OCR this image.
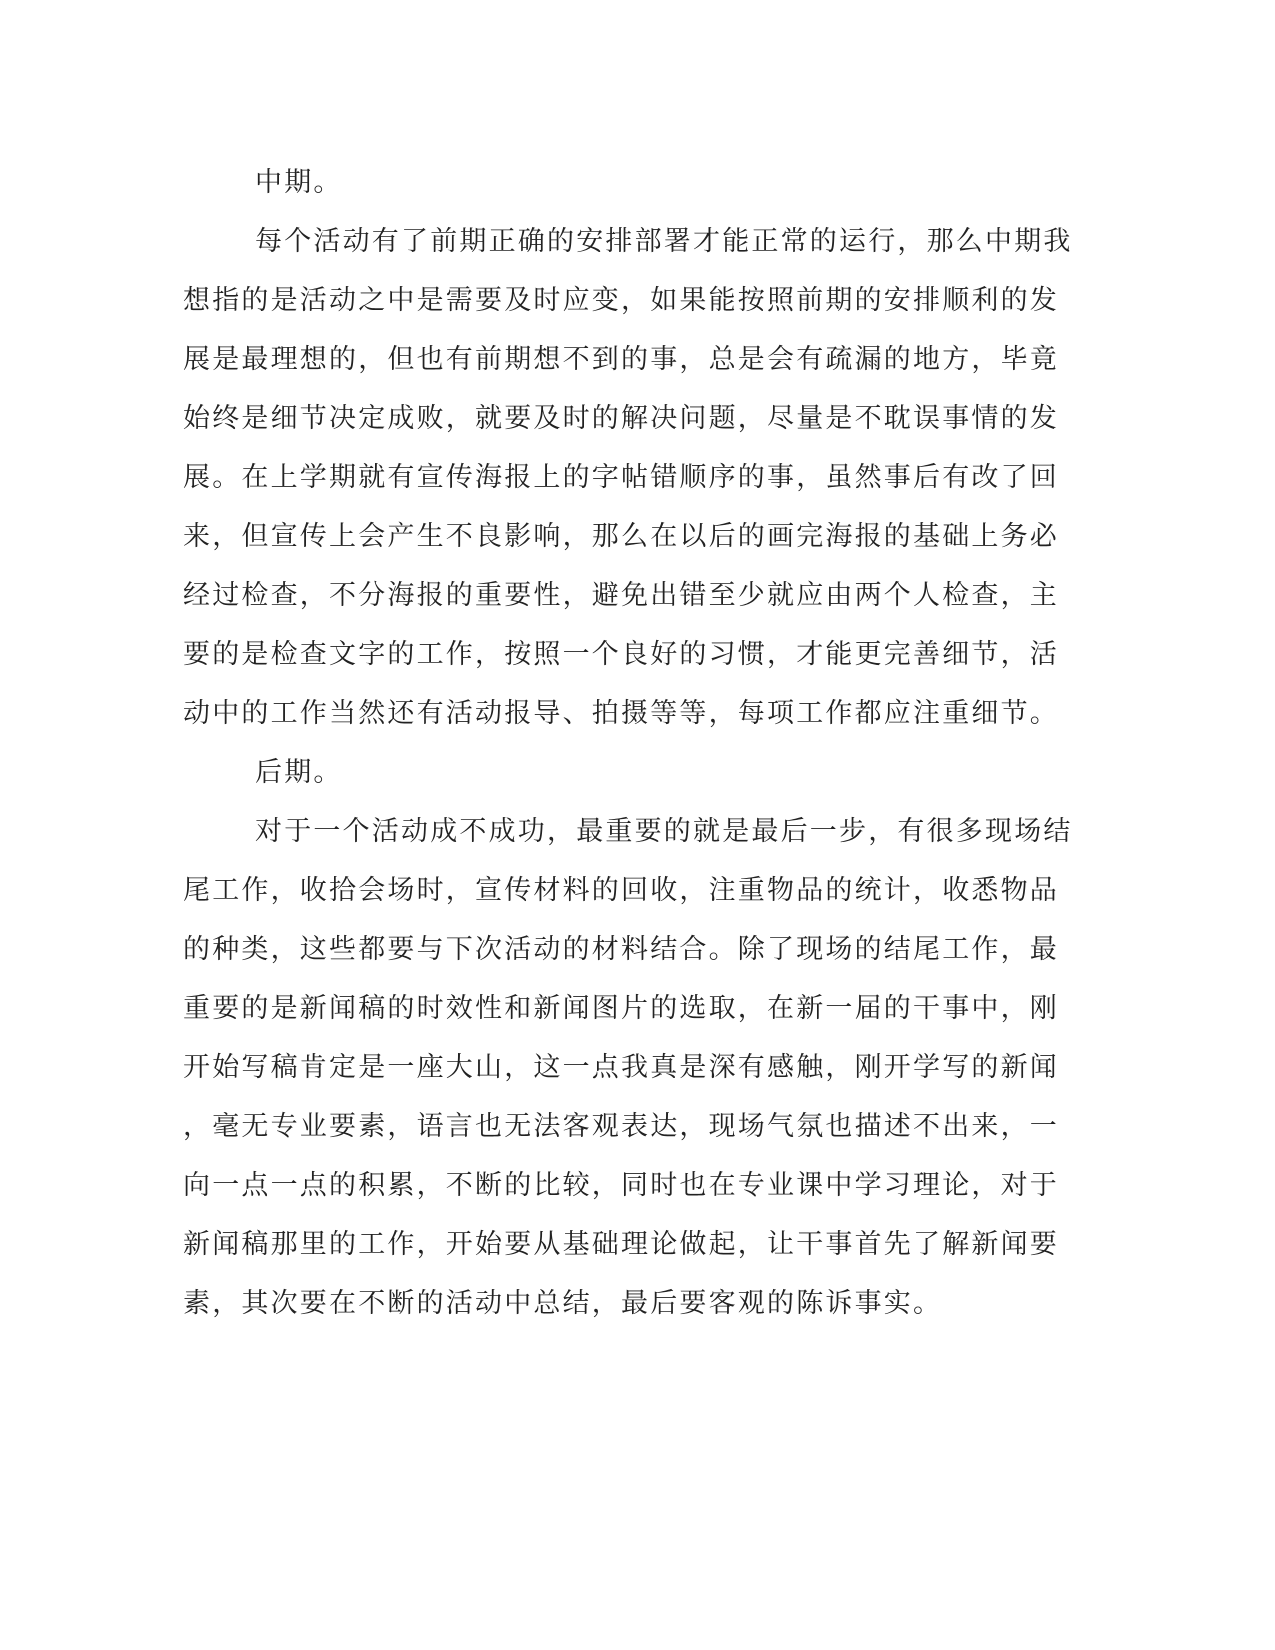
中期。
每个活动有了前期正确的安排部署才能正常的运行，那么中期我
想指的是活动之中是需要及时应变，如果能按照前期的安排顺利的发
展是最理想的，但也有前期想不到的事，总是会有疏漏的地方，毕竟
始终是细节决定成败，就要及时的解决问题，尽量是不耽误事情的发
展。在上学期就有宣传海报上的字帖错顺序的事，虽然事后有改了回
来，但宣传上会产生不良影响，那么在以后的画完海报的基础上务必
经过检查，不分海报的重要性，避免出错至少就应由两个人检查，主
要的是检查文字的工作，按照一个良好的习惯，才能更完善细节，活
动中的工作当然还有活动报导、拍摄等等，每项工作都应注重细节。
后期。
对于一个活动成不成功，最重要的就是最后一步，有很多现场结
尾工作，收拾会场时，宣传材料的回收，注重物品的统计，收悉物品
的种类，这些都要与下次活动的材料结合。除了现场的结尾工作，最
重要的是新闻稿的时效性和新闻图片的选取，在新一届的干事中，刚
开始写稿肯定是一座大山，这一点我真是深有感触，刚开学写的新闻
，毫无专业要素，语言也无法客观表达，现场气氛也描述不出来，一
向一点一点的积累，不断的比较，同时也在专业课中学习理论，对于
新闻稿那里的工作，开始要从基础理论做起，让干事首先了解新闻要
素，其次要在不断的活动中总结，最后要客观的陈诉事实。
